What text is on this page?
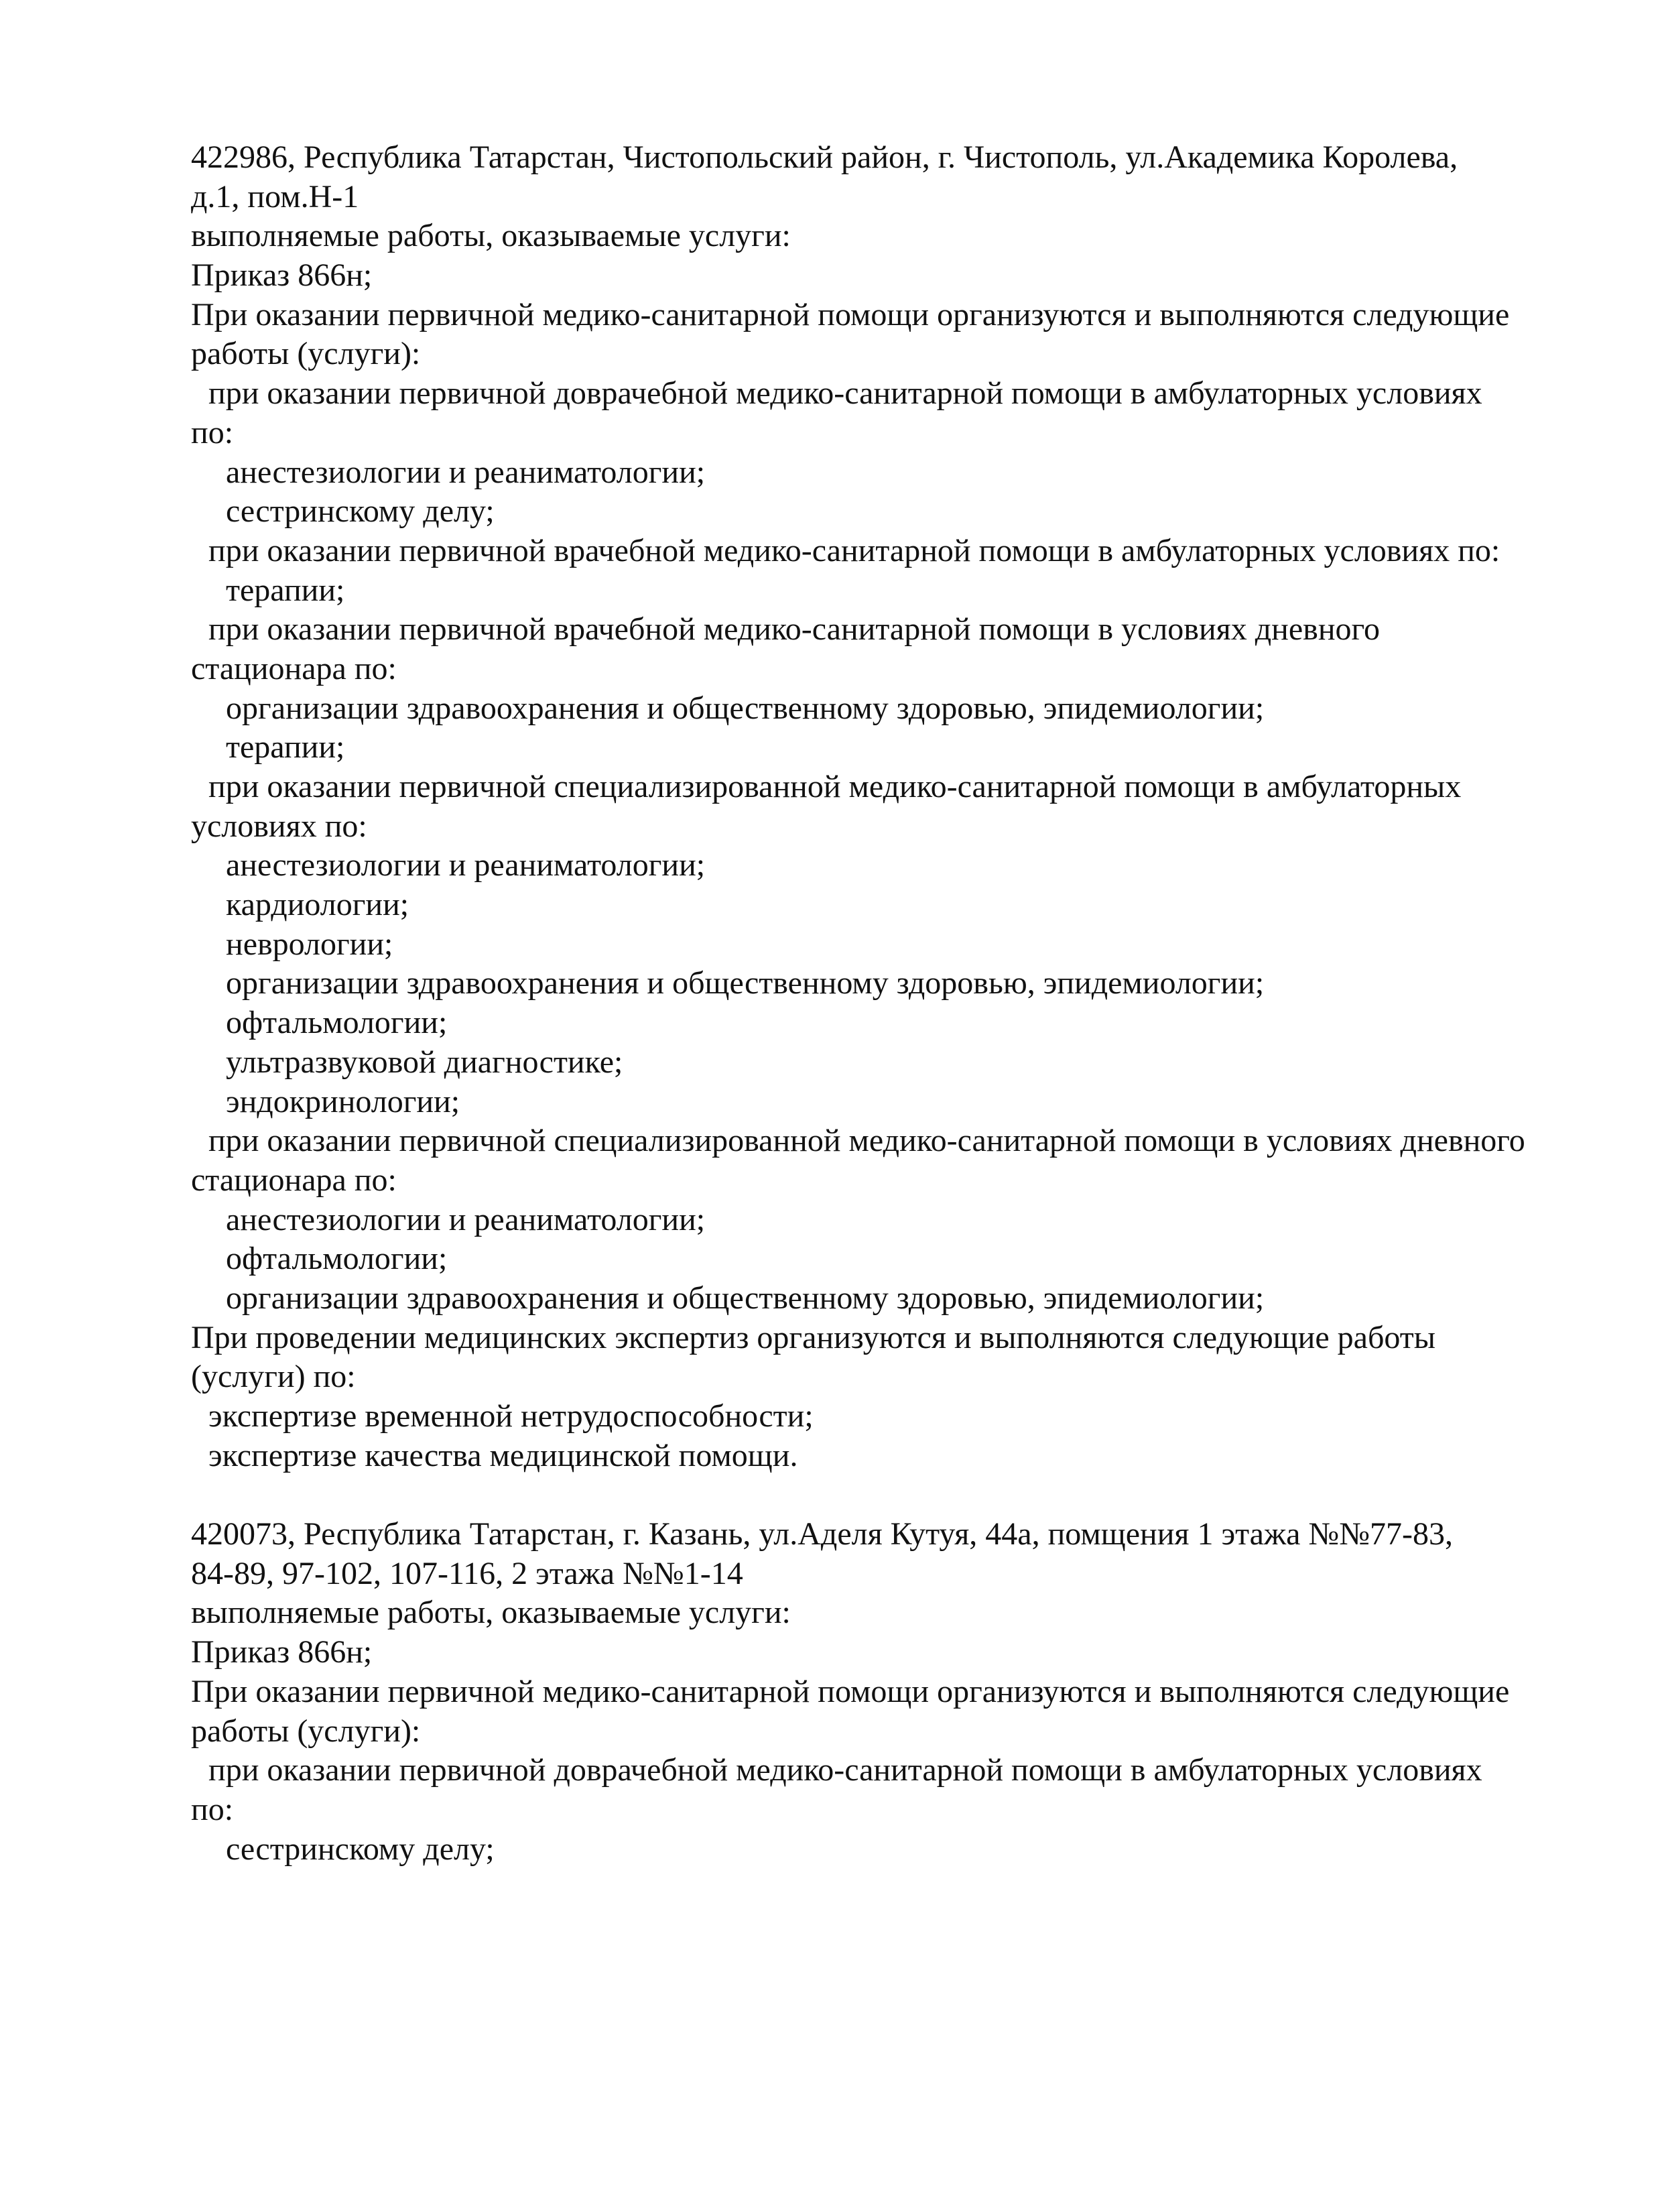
422986, Республика Татарстан, Чистопольский район, г. Чистополь, ул.Академика Королева,
д.1, пом.Н-1
выполняемые работы, оказываемые услуги:
Приказ 866н;
При оказании первичной медико-санитарной помощи организуются и выполняются следующие
работы (услуги):
при оказании первичной доврачебной медико-санитарной помощи в амбулаторных условиях
по:
анестезиологии и реаниматологии;
сестринскому делу;
при оказании первичной врачебной медико-санитарной помощи в амбулаторных условиях по:
терапии;
при оказании первичной врачебной медико-санитарной помощи в условиях дневного
стационара по:
организации здравоохранения и общественному здоровью, эпидемиологии;
терапии;
при оказании первичной специализированной медико-санитарной помощи в амбулаторных
условиях по:
анестезиологии и реаниматологии;
кардиологии;
неврологии;
организации здравоохранения и общественному здоровью, эпидемиологии;
офтальмологии;
ультразвуковой диагностике;
эндокринологии;
при оказании первичной специализированной медико-санитарной помощи в условиях дневного
стационара по:
анестезиологии и реаниматологии;
офтальмологии;
организации здравоохранения и общественному здоровью, эпидемиологии;
При проведении медицинских экспертиз организуются и выполняются следующие работы
(услуги) по:
экспертизе временной нетрудоспособности;
экспертизе качества медицинской помощи.
420073, Республика Татарстан, г. Казань, ул.Аделя Кутуя, 44а, помщения 1 этажа №№77-83,
84-89, 97-102, 107-116, 2 этажа №№1-14
выполняемые работы, оказываемые услуги:
Приказ 866н;
При оказании первичной медико-санитарной помощи организуются и выполняются следующие
работы (услуги):
при оказании первичной доврачебной медико-санитарной помощи в амбулаторных условиях
по:
сестринскому делу;
